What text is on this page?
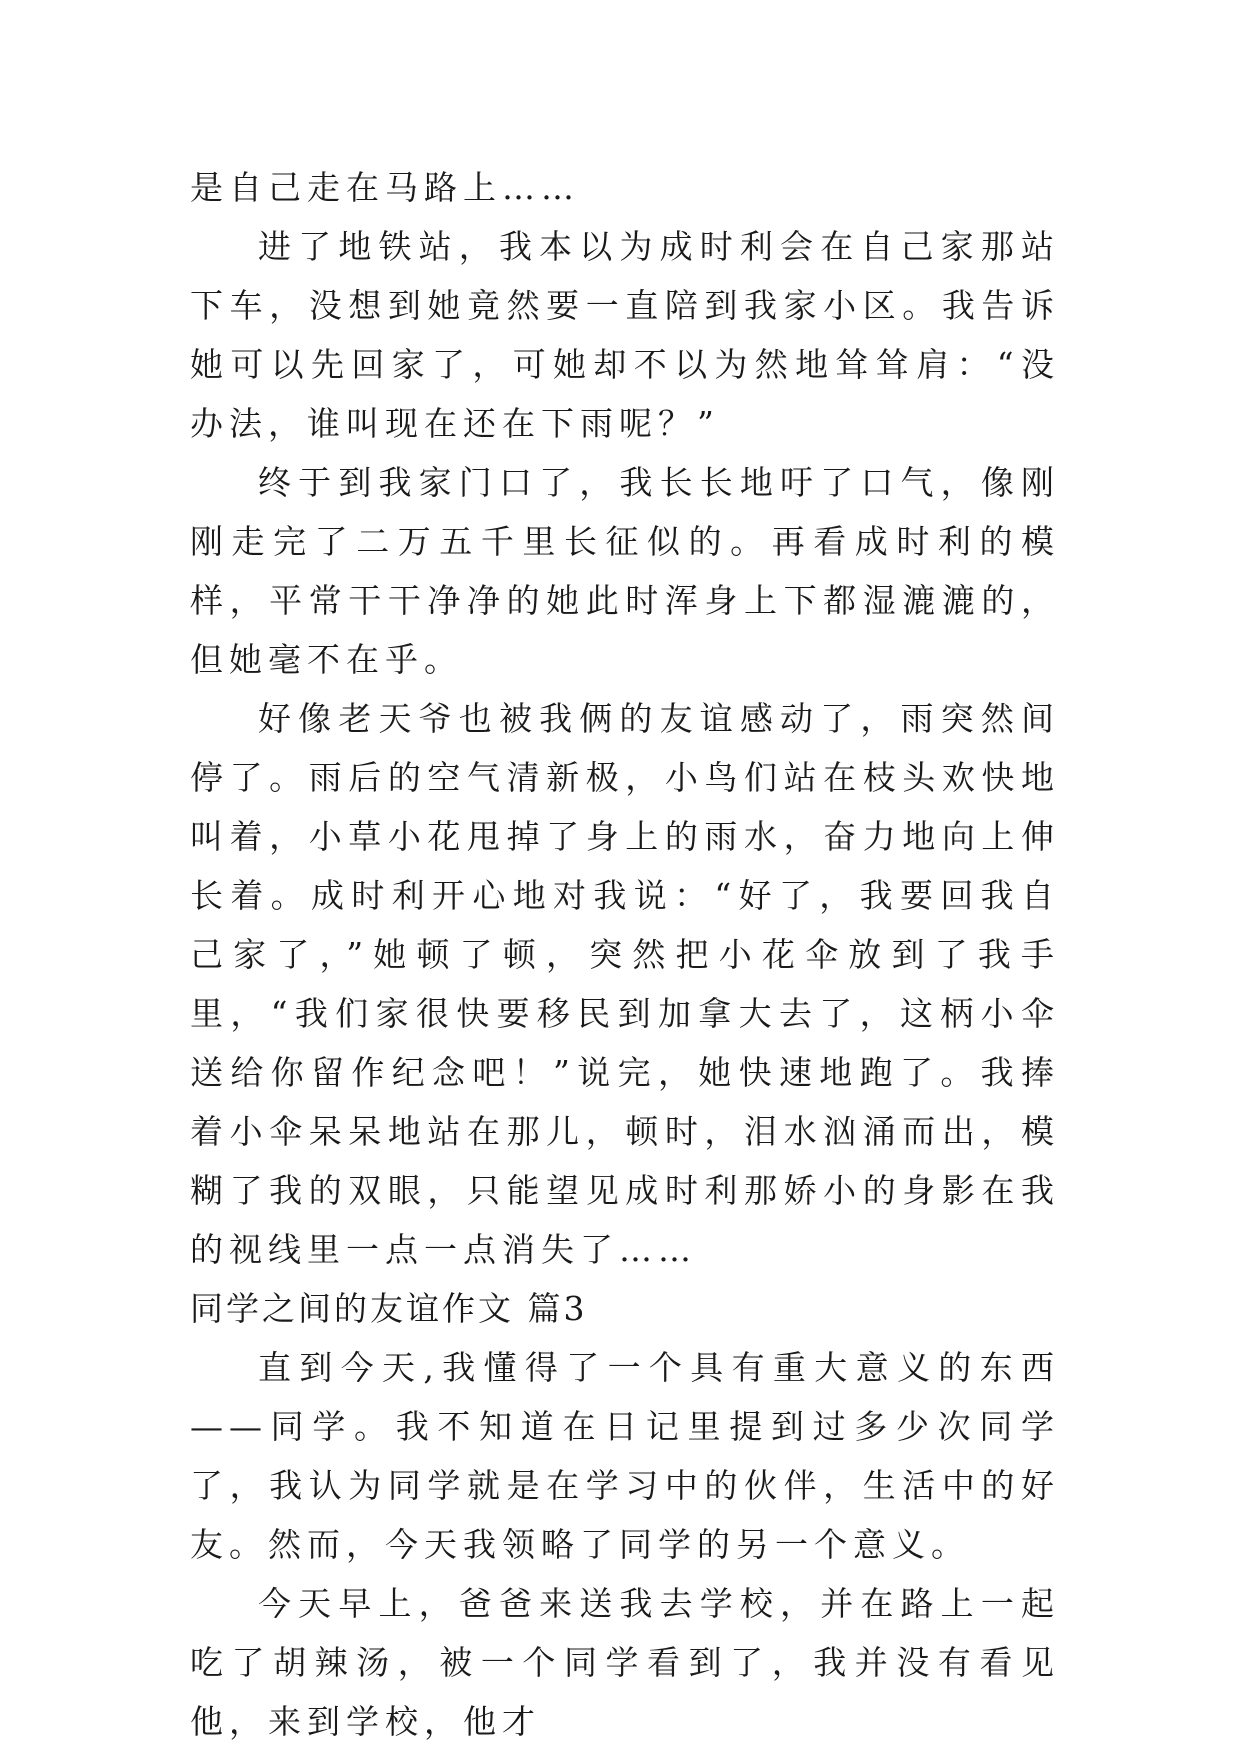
是自己走在马路上……

进了地铁站，我本以为成时利会在自己家那站下车，没想到她竟然要一直陪到我家小区。我告诉她可以先回家了，可她却不以为然地耸耸肩：“没办法，谁叫现在还在下雨呢？”

终于到我家门口了，我长长地吁了口气，像刚刚走完了二万五千里长征似的。再看成时利的模样，平常干干净净的她此时浑身上下都湿漉漉的，但她毫不在乎。

好像老天爷也被我俩的友谊感动了，雨突然间停了。雨后的空气清新极，小鸟们站在枝头欢快地叫着，小草小花甩掉了身上的雨水，奋力地向上伸长着。成时利开心地对我说：“好了，我要回我自己家了，”她顿了顿，突然把小花伞放到了我手里，“我们家很快要移民到加拿大去了，这柄小伞送给你留作纪念吧！”说完，她快速地跑了。我捧着小伞呆呆地站在那儿，顿时，泪水汹涌而出，模糊了我的双眼，只能望见成时利那娇小的身影在我的视线里一点一点消失了……

同学之间的友谊作文 篇3

直到今天,我懂得了一个具有重大意义的东西——同学。我不知道在日记里提到过多少次同学了，我认为同学就是在学习中的伙伴，生活中的好友。然而，今天我领略了同学的另一个意义。

今天早上，爸爸来送我去学校，并在路上一起吃了胡辣汤，被一个同学看到了，我并没有看见他，来到学校，他才
